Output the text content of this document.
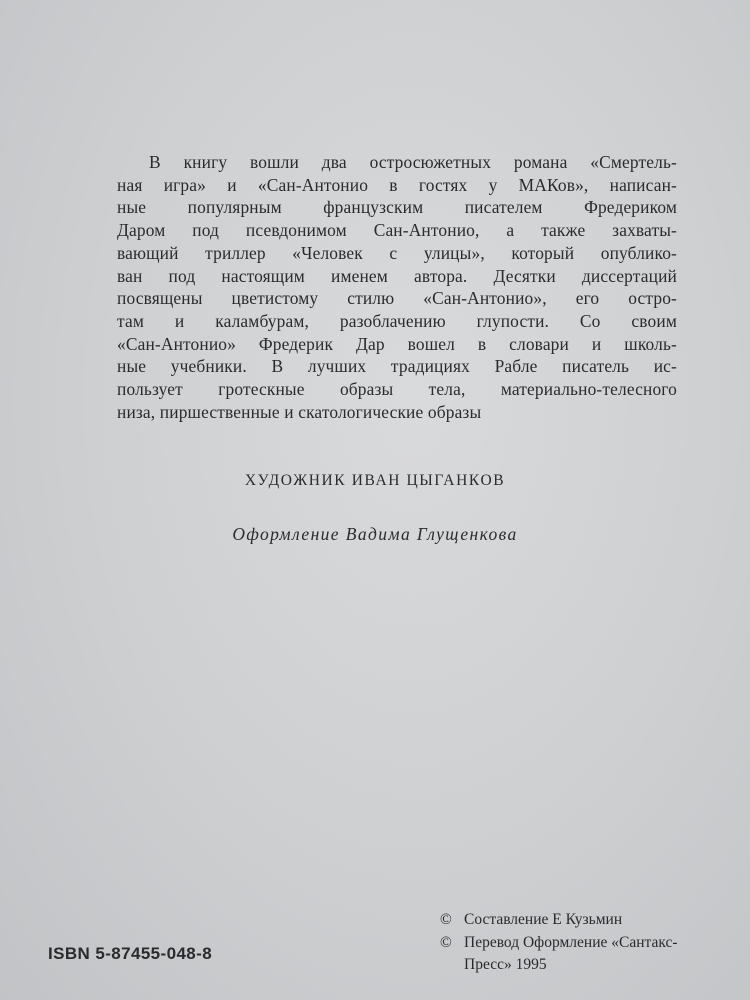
В книгу вошли два остросюжетных романа «Смертель-
ная игра» и «Сан-Антонио в гостях у МАКов», написан-
ные популярным французским писателем Фредериком
Даром под псевдонимом Сан-Антонио, а также захваты-
вающий триллер «Человек с улицы», который опублико-
ван под настоящим именем автора. Десятки диссертаций
посвящены цветистому стилю «Сан-Антонио», его остро-
там и каламбурам, разоблачению глупости. Со своим
«Сан-Антонио» Фредерик Дар вошел в словари и школь-
ные учебники. В лучших традициях Рабле писатель ис-
пользует гротескные образы тела, материально-телесного
низа, пиршественные и скатологические образы
ХУДОЖНИК ИВАН ЦЫГАНКОВ
Оформление Вадима Глущенкова
© Составление Е Кузьмин
© Перевод Оформление «Сантакс-
Пресс» 1995
ISBN 5-87455-048-8
